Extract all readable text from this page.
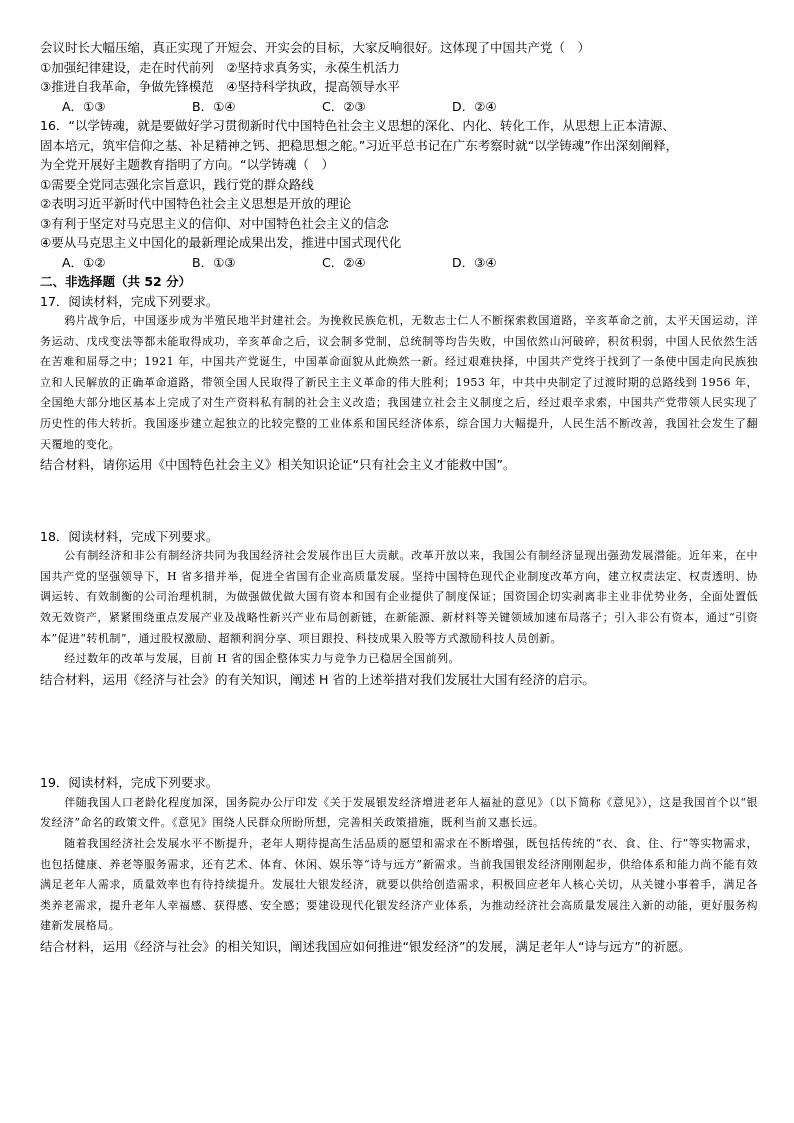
会议时长大幅压缩，真正实现了开短会、开实会的目标，大家反响很好。这体现了中国共产党（　）
①加强纪律建设，走在时代前列　②坚持求真务实，永葆生机活力
③推进自我革命，争做先锋模范　④坚持科学执政，提高领导水平
A．①③	B．①④	C．②③	D．②④
16．“以学铸魂，就是要做好学习贯彻新时代中国特色社会主义思想的深化、内化、转化工作，从思想上正本清源、
固本培元，筑牢信仰之基、补足精神之钙、把稳思想之舵。”习近平总书记在广东考察时就“以学铸魂”作出深刻阐释，
为全党开展好主题教育指明了方向。“以学铸魂（　）
①需要全党同志强化宗旨意识，践行党的群众路线
②表明习近平新时代中国特色社会主义思想是开放的理论
③有利于坚定对马克思主义的信仰、对中国特色社会主义的信念
④要从马克思主义中国化的最新理论成果出发，推进中国式现代化
A．①②	B．①③	C．②④	D．③④
二、非选择题（共 52 分）
17．阅读材料，完成下列要求。

鸦片战争后，中国逐步成为半殖民地半封建社会。为挽救民族危机，无数志士仁人不断探索救国道路，辛亥革命之前，太平天国运动，洋务运动、戊戌变法等都未能取得成功，辛亥革命之后，议会制多党制，总统制等均告失败，中国依然山河破碎，积贫积弱，中国人民依然生活在苦难和屈辱之中；1921 年，中国共产党诞生，中国革命面貌从此焕然一新。经过艰难抉择，中国共产党终于找到了一条使中国走向民族独立和人民解放的正确革命道路，带领全国人民取得了新民主主义革命的伟大胜利；1953 年，中共中央制定了过渡时期的总路线到 1956 年，全国绝大部分地区基本上完成了对生产资料私有制的社会主义改造；我国建立社会主义制度之后，经过艰辛求索，中国共产党带领人民实现了历史性的伟大转折。我国逐步建立起独立的比较完整的工业体系和国民经济体系，综合国力大幅提升，人民生活不断改善，我国社会发生了翻天覆地的变化。

结合材料，请你运用《中国特色社会主义》相关知识论证“只有社会主义才能救中国”。
18．阅读材料，完成下列要求。

公有制经济和非公有制经济共同为我国经济社会发展作出巨大贡献。改革开放以来，我国公有制经济显现出强劲发展潜能。近年来，在中国共产党的坚强领导下，H 省多措并举，促进全省国有企业高质量发展。坚持中国特色现代企业制度改革方向，建立权责法定、权责透明、协调运转、有效制衡的公司治理机制，为做强做优做大国有资本和国有企业提供了制度保证；国资国企切实剥离非主业非优势业务，全面处置低效无效资产，紧紧围绕重点发展产业及战略性新兴产业布局创新链，在新能源、新材料等关键领域加速布局落子；引入非公有资本，通过“引资本”促进“转机制”，通过股权激励、超额利润分享、项目跟投、科技成果入股等方式激励科技人员创新。

经过数年的改革与发展，目前 H 省的国企整体实力与竞争力已稳居全国前列。

结合材料，运用《经济与社会》的有关知识，阐述 H 省的上述举措对我们发展壮大国有经济的启示。
19．阅读材料，完成下列要求。

伴随我国人口老龄化程度加深，国务院办公厅印发《关于发展银发经济增进老年人福祉的意见》（以下简称《意见》），这是我国首个以“银发经济”命名的政策文件。《意见》围绕人民群众所盼所想，完善相关政策措施，既利当前又惠长远。

随着我国经济社会发展水平不断提升，老年人期待提高生活品质的愿望和需求在不断增强，既包括传统的“衣、食、住、行”等实物需求，也包括健康、养老等服务需求，还有艺术、体育、休闲、娱乐等“诗与远方”新需求。当前我国银发经济刚刚起步，供给体系和能力尚不能有效满足老年人需求，质量效率也有待持续提升。发展壮大银发经济，就要以供给创造需求，积极回应老年人核心关切，从关键小事着手，满足各类养老需求，提升老年人幸福感、获得感、安全感；要建设现代化银发经济产业体系，为推动经济社会高质量发展注入新的动能，更好服务构建新发展格局。

结合材料，运用《经济与社会》的相关知识，阐述我国应如何推进“银发经济”的发展，满足老年人“诗与远方”的祈愿。
